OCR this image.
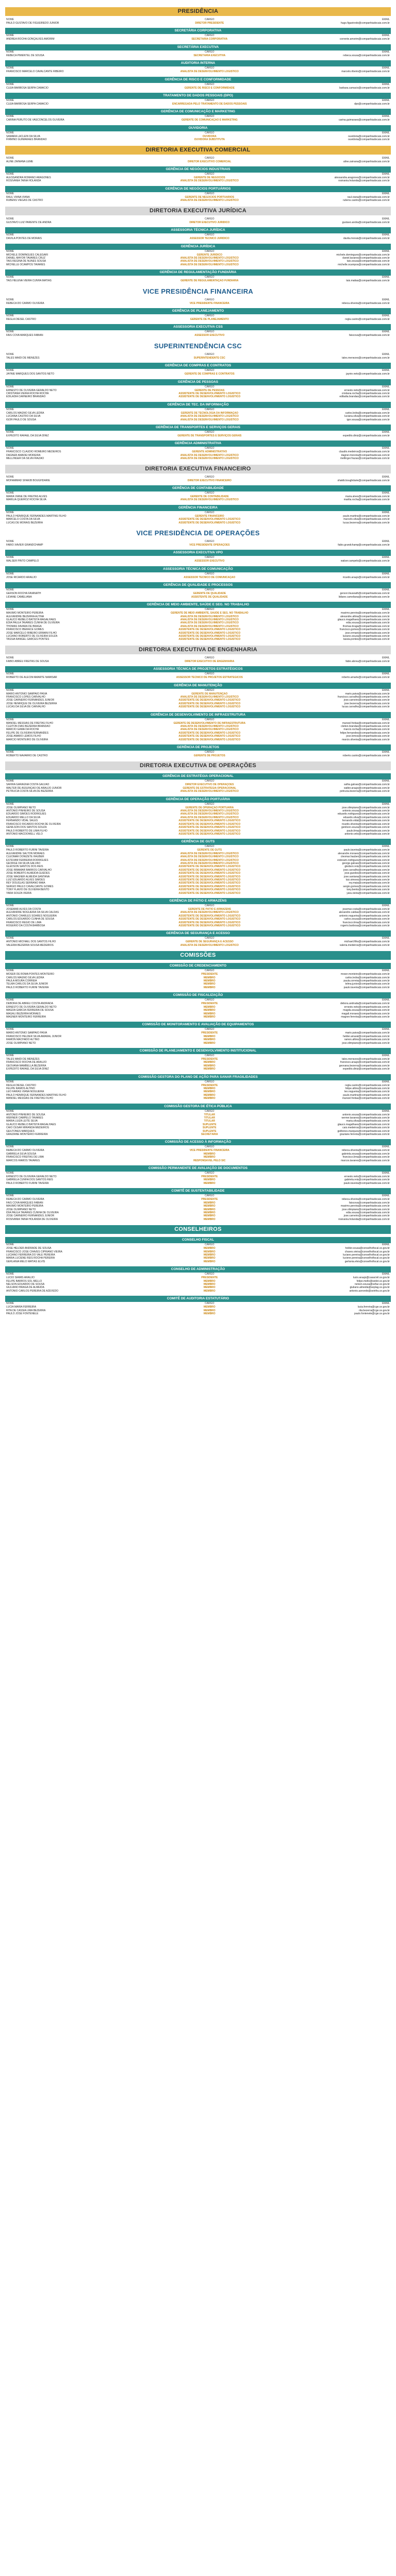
PRESIDÊNCIA
NOME	CARGO	EMAIL
PAULO GUSTAVO DE FIGUEIREDO JÚNIOR	DIRETOR PRESIDENTE	hugo.figueiredo@companhiadocais.com.br
SECRETÁRIA CORPORATIVA
NOME	CARGO	EMAIL
ANDRÉA ROCHA GONÇALVES AMORIM	SECRETÁRIA CORPORATIVA	corrente.amorim@companhiadocais.com.br
SECRETÁRIA EXECUTIVA
NOME	CARGO	EMAIL
REBECA PIMENTEL DE SOUSA	SECRETÁRIA EXECUTIVA	rebeca.sousa@companhiadocais.com.br
AUDITORIA INTERNA
NOME	CARGO	EMAIL
FRANCISCO MARCELO CAVALCANTE RIBEIRO	ANALISTA DE DESENVOLVIMENTO LOGÍSTICO	marcelo.ribeiro@companhiadocais.com.br
GERÊNCIA DE RISCO E CONFORMIDADE
NOME	CARGO	EMAIL
CLEIA BARBOSA SERPA CÂMACIO	GERENTE DE RISCO E CONFORMIDADE	barbara.camacio@companhiadocais.com.br
TRATAMENTO DE DADOS PESSOAIS (DPO)
NOME	CARGO	EMAIL
CLÉIA BARBOSA SERPA CÂMACIO	ENCARREGADA PELO TRATAMENTO DE DADOS PESSOAIS	dpo@companhiadocais.com.br
GERÊNCIA DE COMUNICAÇÃO E MARKETING
NOME	CARGO	EMAIL
CARINA PERUTO DE VASCONCELOS OLIVEIRA	GERENTE DE COMUNICAÇÃO E MARKETING	carina.guimaraes@companhiadocais.com.br
OUVIDORIA
NOME	CARGO	EMAIL
SAMARA LACLEIN DA SILVA	OUVIDORA	ouvidoria@companhiadocais.com.br
FIRMINO GUIMARÃES BRANDÃO	OUVIDORA SUBSTITUTA	ouvidoria@companhiadocais.com.br
DIRETORIA EXECUTIVA COMERCIAL
NOME	CARGO	EMAIL
ALINE ZAINANA LEME	DIRETOR EXECUTIVO COMERCIAL	aline.zainana@companhiadocais.com.br
GERÊNCIA DE NEGÓCIOS INDUSTRIAIS
NOME	CARGO	EMAIL
ALESSANDRA ROMANO ARAGONÊS	GERENTE DE NEGÓCIOS	alessandra.aragones@companhiadocais.com.br
ROSIVANIA TAINA HOLANDA	ANALISTA DE DESENVOLVIMENTO LOGÍSTICO	rosivania.holanda@companhiadocais.com.br
GERÊNCIA DE NEGÓCIOS PORTUÁRIOS
NOME	CARGO	EMAIL
RAUL VIANA VIANA	GERENTE DE NEGÓCIOS PORTUÁRIOS	raul.viana@companhiadocais.com.br
RUBENS VIEGAS DE CASTRO	ANALISTA DE DESENVOLVIMENTO LOGÍSTICO	rubens.castro@companhiadocais.com.br
DIRETORIA EXECUTIVA JURÍDICA
NOME	CARGO	EMAIL
GUSTAVO LUIZ PARENTE DE ANDRA	DIRETOR EXECUTIVO JURÍDICO	gustavo.andra@companhiadocais.com.br
ASSESSORIA TÉCNICA JURÍDICA
NOME	CARGO	EMAIL
DÁVILA PONTES DE MORAIS	ASSESSOR TÉCNICO JURÍDICO	davila.morais@companhiadocais.com.br
GERÊNCIA JURÍDICA
NOME	CARGO	EMAIL
MICHELE DOMINGUES CALEGARI	GERENTE JURÍDICO	michele.domingues@companhiadocais.com.br
DANIEL MAYOR TAVARES CRUZ	ANALISTA DE DESENVOLVIMENTO LOGÍSTICO	daniel.tavares@companhiadocais.com.br
TAÍS REGINA DE NUNES SOUSA	ANALISTA DE DESENVOLVIMENTO LOGÍSTICO	tais.sousa@companhiadocais.com.br
MICHELLE OCAMPOS TAVARES	ANALISTA DE DESENVOLVIMENTO LOGÍSTICO	michelle.ocampos@companhiadocais.com.br
GERÊNCIA DE REGULAMENTAÇÃO FUNDIÁRIA
NOME	CARGO	EMAIL
TAÍS HELENA VIEIRA CUNHA MATIAS	GERENTE DE REGULAMENTAÇÃO FUNDIÁRIA	tais.matias@companhiadocais.com.br
VICE PRESIDÊNCIA FINANCEIRA
NOME	CARGO	EMAIL
REBECA DO CARMO OLIVEIRA	VICE PRESIDENTE FINANCEIRA	rebeca.oliveira@companhiadocais.com.br
GERÊNCIA DE PLANEJAMENTO
NOME	CARGO	EMAIL
REGLA DIESEL CASTRO	GERENTE DE PLANEJAMENTO	regla.castro@companhiadocais.com.br
ASSESSORIA EXECUTIVA CSS
NOME	CARGO	EMAIL
FAIS COVA MARQUES FABIAN	ASSESSOR EXECUTIVO	faiscova@companhiadocais.com.br
SUPERINTENDÊNCIA CSC
NOME	CARGO	EMAIL
TALES MAIDI DE MENEZES	SUPERINTENDENTE CSC	tales.menezes@companhiadocais.com.br
GERÊNCIA DE COMPRAS E CONTRATOS
NOME	CARGO	EMAIL
JAYNIE MARQUES DOS SANTOS NETO	GERENTE DE COMPRAS E CONTRATOS	jaynie.neto@companhiadocais.com.br
GERÊNCIA DE PESSOAS
NOME	CARGO	EMAIL
ERNESTO DE OLIVEIRA GERALDO NETO	GERENTE DE PESSOAS	ernesto.neto@companhiadocais.com.br
CRISTIANA VIEIRA ROCHA ROCHA	ASSISTENTE DE DESENVOLVIMENTO LOGÍSTICO	cristiana.rocha@companhiadocais.com.br
EDILÁDIA CARNEIRO BRANDÃO	ASSISTENTE DE DESENVOLVIMENTO LOGÍSTICO	ediladia.brandao@companhiadocais.com.br
GERÊNCIA DE TEC. DA INFORMAÇÃO
NOME	CARGO	EMAIL
CARLOS MAGNO SILVA LEDRA	GERENTE DE TECNOLOGIA DA INFORMAÇÃO	carlos.ledra@companhiadocais.com.br
LUCIANA CASTRO DA SILVA	ANALISTA DE DESENVOLVIMENTO LOGÍSTICO	luciana.silva@companhiadocais.com.br
IGOR PAULO DE SOUSA	ANALISTA DE DESENVOLVIMENTO LOGÍSTICO	igor.sousa@companhiadocais.com.br
GERÊNCIA DE TRANSPORTES E SERVIÇOS GERAIS
NOME	CARGO	EMAIL
EXPEDITO RAFAEL DA SILVA DINIZ	GERENTE DE TRANSPORTES E SERVIÇOS GERAIS	expedito.diniz@companhiadocais.com.br
GERÊNCIA ADMINISTRATIVA
NOME	CARGO	EMAIL
FRANCISCO CLAUDIO ROMEIRO MEDEIROS	GERENTE ADMINISTRATIVO	claudio.medeiros@companhiadocais.com.br
DAGNER AMADEI MOREIRA	ANALISTA DE DESENVOLVIMENTO LOGÍSTICO	dagner.moreira@companhiadocais.com.br
MELLINGER DA SILVA FRAZÃO	ANALISTA DE DESENVOLVIMENTO LOGÍSTICO	mellinger.frazao@companhiadocais.com.br
DIRETORIA EXECUTIVA FINANCEIRO
NOME	CARGO	EMAIL
MOHAMMAD SHAKIB BOUGHDARIE	DIRETOR EXECUTIVO FINANCEIRO	shakib.boughdarie@companhiadocais.com.br
GERÊNCIA DE CONTABILIDADE
NOME	CARGO	EMAIL
MARIA VIANE DE FREITAS ALVES	GERENTE DE CONTABILIDADE	maria.alves@companhiadocais.com.br
MARÍLIA QUEIRÓZ ROCHA SILVA	ANALISTA DE DESENVOLVIMENTO LOGÍSTICO	marilia.rocha@companhiadocais.com.br
GERÊNCIA FINANCEIRA
NOME	CARGO	EMAIL
PAULO HENRIQUE FERNANDES MARTINS FILHO	GERENTE FINANCEIRO	paulo.martins@companhiadocais.com.br
MARCELO COSTA DA SILVA	ASSISTENTE DE DESENVOLVIMENTO LOGÍSTICO	marcelo.silva@companhiadocais.com.br
LUCAS DE MORAIS BEZERRA	ASSISTENTE DE DESENVOLVIMENTO LOGÍSTICO	lucas.bezerra@companhiadocais.com.br
VICE PRESIDÊNCIA DE OPERAÇÕES
NOME	CARGO	EMAIL
FABIO XAVIER GRANDCHAMP	VICE PRESIDENTE OPERAÇÕES	fabio.grandchamp@companhiadocais.com.br
ASSESSORIA EXECUTIVA VPO
NOME	CARGO	EMAIL
WALSER PINTO CAMPELO	ASSESSOR EXECUTIVO	walser.campelo@companhiadocais.com.br
ASSESSORIA TÉCNICA DE COMUNICAÇÃO
NOME	CARGO	EMAIL
JOSÉ RICARDO ARAÚJO	ASSESSOR TÉCNICO DE COMUNICAÇÃO	ricardo.araujo@companhiadocais.com.br
GERÊNCIA DE QUALIDADE E PROCESSOS
NOME	CARGO	EMAIL
GERSON ROCHA FAVANATH	GERENTE DE QUALIDADE	gerson.favanath@companhiadocais.com.br
LIDIANE CAMELIANA	ASSISTENTE DE QUALIDADE	lidiane.cameliana@companhiadocais.com.br
GERÊNCIA DE MEIO AMBIENTE, SAÚDE E SEG. NO TRABALHO
NOME	CARGO	EMAIL
MAXIMO MONTEIRO PEREIRA	GERENTE DE MEIO AMBIENTE, SAÚDE E SEG. NO TRABALHO	maximo.pereira@companhiadocais.com.br
ALEXANDRE BEZERRA ALTINA	ANALISTA DE DESENVOLVIMENTO LOGÍSTICO	alexandre.altina@companhiadocais.com.br
GLAUCO REBELO BATISTA MAGALHÃES	ANALISTA DE DESENVOLVIMENTO LOGÍSTICO	glauco.magalhaes@companhiadocais.com.br
EDIA PAULA TAVARES CUNHA DE OLIVEIRA	ANALISTA DE DESENVOLVIMENTO LOGÍSTICO	edia.sousa@companhiadocais.com.br
THOMAS FAVARA DE BRAGA	ANALISTA DE DESENVOLVIMENTO LOGÍSTICO	thomas.braga@companhiadocais.com.br
FRANCISCO IBERACE GOMES	ASSISTENTE DE DESENVOLVIMENTO LOGÍSTICO	francisco.gomes@companhiadocais.com.br
JOSE MARCELO RIBEIRO ERMANI FILHO	ASSISTENTE DE DESENVOLVIMENTO LOGÍSTICO	jose.ermani@companhiadocais.com.br
LUCIANO ROBERTO DE OLIVEIRA SOUZA	ASSISTENTE DE DESENVOLVIMENTO LOGÍSTICO	luciano.souza@companhiadocais.com.br
TASSIA RANGEL GARCES PONTES	ASSISTENTE DE DESENVOLVIMENTO LOGÍSTICO	tassia.pontes@companhiadocais.com.br
DIRETORIA EXECUTIVA DE ENGENHARIA
NOME	CARGO	EMAIL
FÁBIO ABREU FREITAS DE SOUSA	DIRETOR EXECUTIVO DE ENGENHARIA	fabio.abreu@companhiadocais.com.br
ASSESSORIA TÉCNICA DE PROJETOS ESTRATÉGICOS
NOME	CARGO	EMAIL
ROBERTO DE ALECIM AMARTE NAMISAR	ASSESSOR TÉCNICO DE PROJETOS ESTRATÉGICOS	roberto.amarte@companhiadocais.com.br
GERÊNCIA DE MANUTENÇÃO
NOME	CARGO	EMAIL
MARIO ANTONIO SAMPAIO PAIVA	GERENTE DE MANUTENÇÃO	mario.paiva@companhiadocais.com.br
FRANCISCO LOPES CARVALHO	ANALISTA DE DESENVOLVIMENTO LOGÍSTICO	francisco.carvalho@companhiadocais.com.br
JOSE CARNEIRO FERNANDES JÚNIOR	ASSISTENTE DE DESENVOLVIMENTO LOGÍSTICO	jose.carneiro@companhiadocais.com.br
JOSÉ HENRIQUE DE OLIVEIRA BEZERRA	ASSISTENTE DE DESENVOLVIMENTO LOGÍSTICO	jose.bezerra@companhiadocais.com.br
LUCAS DA SILVA DE CARVALHO	ASSISTENTE DE DESENVOLVIMENTO LOGÍSTICO	lucas.carvalho@companhiadocais.com.br
GERÊNCIA DE DESENVOLVIMENTO DE INFRAESTRUTURA
NOME	CARGO	EMAIL
MANOEL MESSIAS DE FREITAS FILHO	GERENTE DE DESENVOLVIMENTO DE INFRAESTRUTURA	manoel.freitas@companhiadocais.com.br
CLEITON DIAS BEZERRA BRANDÃO	ANALISTA DE DESENVOLVIMENTO LOGÍSTICO	cleiton.brandao@companhiadocais.com.br
MARCIO GAMA DA ROCHA	ANALISTA DE DESENVOLVIMENTO LOGÍSTICO	marcio.rocha@companhiadocais.com.br
FELIPE DE OLIVEIRA FERNANDES	ASSISTENTE DE DESENVOLVIMENTO LOGÍSTICO	felipe.fernandes@companhiadocais.com.br
JOSE AMARO LEMOS FILHO	ASSISTENTE DE DESENVOLVIMENTO LOGÍSTICO	jose.lemos@companhiadocais.com.br
MARCIO MONTEIRO DE OLIVEIRA	ASSISTENTE DE DESENVOLVIMENTO LOGÍSTICO	marcio.oliveira@companhiadocais.com.br
GERÊNCIA DE PROJETOS
NOME	CARGO	EMAIL
ROBERTO NAVARRO DE CASTRO	GERENTE DE PROJETOS	roberto.castro@companhiadocais.com.br
DIRETORIA EXECUTIVA DE OPERAÇÕES
GERÊNCIA DE ESTRATÉGIA OPERACIONAL
NOME	CARGO	EMAIL
SAFIRA GARAGNA COSTA GALVÃO	DIRETOR EXECUTIVO DE OPERAÇÕES	safira.galvao@companhiadocais.com.br
WALTER DE ASSUNÇÃO DE ARAÚJO JÚNIOR	GERENTE DE ESTRATÉGIA OPERACIONAL	walter.araujo@companhiadocais.com.br
PETRÚCIA COSTA SILVA DE BEZERRA	ANALISTA DE DESENVOLVIMENTO LOGÍSTICO	petrucia.bezerra@companhiadocais.com.br
GERÊNCIA DE OPERAÇÃO PORTUÁRIA
NOME	CARGO	EMAIL
JOSÉ OLIMPIANO NETO	GERENTE DE OPERAÇÃO PORTUÁRIA	jose.olimpiano@companhiadocais.com.br
ANTONIO PINHEIRO DE SOUSA	ANALISTA DE DESENVOLVIMENTO LOGÍSTICO	antonio.sousa@companhiadocais.com.br
EDUARDO SIMÕES RODRIGUES	ANALISTA DE DESENVOLVIMENTO LOGÍSTICO	eduardo.rodrigues@companhiadocais.com.br
EDUARDO MELLO DA SILVA	ANALISTA DE DESENVOLVIMENTO LOGÍSTICO	eduardo.silva@companhiadocais.com.br
FERNANDO VIDAL SALES	ASSISTENTE DE DESENVOLVIMENTO LOGÍSTICO	fernando.vidal@companhiadocais.com.br
FRANCISCO RICARDO ROCHA DE OLIVEIRA	ASSISTENTE DE DESENVOLVIMENTO LOGÍSTICO	ricardo.oliveira@companhiadocais.com.br
GENILSON DOS SANTOS SOUZA	ASSISTENTE DE DESENVOLVIMENTO LOGÍSTICO	genilson.souza@companhiadocais.com.br
PAULO ROBERTO DE LIMA FILHO	ASSISTENTE DE DESENVOLVIMENTO LOGÍSTICO	paulo.lima@companhiadocais.com.br
ANTONIO MACDOWELL VELO	ASSISTENTE DE DESENVOLVIMENTO LOGÍSTICO	antonio.velo@companhiadocais.com.br
GERÊNCIA DE GUTS
NOME	CARGO	EMAIL
PAULO ROBERTO FURINI TAVEIRA	GERENTE DE GUTS	paulo.taveira@companhiadocais.com.br
ALEXANDRE SALTON MORAES	ANALISTA DE DESENVOLVIMENTO LOGÍSTICO	alexandre.moraes@companhiadocais.com.br
CLEOMAR DONIZETE HAUBER	ANALISTA DE DESENVOLVIMENTO LOGÍSTICO	cleomar.hauber@companhiadocais.com.br
ESTEVAM FERREIRA RODRIGUES	ANALISTA DE DESENVOLVIMENTO LOGÍSTICO	estevam.rodrigues@companhiadocais.com.br
GEORGE DA SILVA GALVÃO	ANALISTA DE DESENVOLVIMENTO LOGÍSTICO	george.galvao@companhiadocais.com.br
GLEDSON SANTOS DOS REIS	ASSISTENTE DE DESENVOLVIMENTO LOGÍSTICO	gledson.reis@companhiadocais.com.br
JOSÉ RIBAMAR BARROS CARVALHO	ASSISTENTE DE DESENVOLVIMENTO LOGÍSTICO	jose.carvalho@companhiadocais.com.br
JOSÉ ROBERTO ALMEIDA GUEDES	ASSISTENTE DE DESENVOLVIMENTO LOGÍSTICO	jose.guedes@companhiadocais.com.br
JOSE WAGNER ALMEIDA SANTANA	ASSISTENTE DE DESENVOLVIMENTO LOGÍSTICO	jose.santana@companhiadocais.com.br
LUIZ EDUARDO ALVES SIMÕES	ASSISTENTE DE DESENVOLVIMENTO LOGÍSTICO	luiz.simoes@companhiadocais.com.br
REY DOUGLAS SERRANO MAIA	ASSISTENTE DE DESENVOLVIMENTO LOGÍSTICO	rey.maia@companhiadocais.com.br
SERGIO PAULO CAVALCANTE GOMES	ASSISTENTE DE DESENVOLVIMENTO LOGÍSTICO	sergio.gomes@companhiadocais.com.br
TONY FLAVIO DE OLIVEIRA BENTO	ASSISTENTE DE DESENVOLVIMENTO LOGÍSTICO	tony.bento@companhiadocais.com.br
YARA SOUZA VIEIRA	ASSISTENTE DE DESENVOLVIMENTO LOGÍSTICO	yara.vieira@companhiadocais.com.br
GERÊNCIA DE PÁTIO E ARMAZÉNS
NOME	CARGO	EMAIL
JOSEMAR ALVES DA COSTA	GERENTE DE PÁTIO E ARMAZÉNS	josemar.costa@companhiadocais.com.br
ALEXANDRE NOGUEIRA DA SILVA CALDAS	ANALISTA DE DESENVOLVIMENTO LOGÍSTICO	alexandre.caldas@companhiadocais.com.br
ANTONIO CHARLES SOARES NOGUEIRA	ASSISTENTE DE DESENVOLVIMENTO LOGÍSTICO	antonio.nogueira@companhiadocais.com.br
CARLOS EDUARDO CUNHA DE SOUSA	ASSISTENTE DE DESENVOLVIMENTO LOGÍSTICO	carlos.sousa@companhiadocais.com.br
FRANCISCO REGIO DE LIMA	ASSISTENTE DE DESENVOLVIMENTO LOGÍSTICO	francisco.lima@companhiadocais.com.br
ROGERIO DA COSTA BARBOSA	ASSISTENTE DE DESENVOLVIMENTO LOGÍSTICO	rogerio.barbosa@companhiadocais.com.br
GERÊNCIA DE SEGURANÇA E ACESSO
NOME	CARGO	EMAIL
ANTONIO MICHAEL DOS SANTOS FILHO	GERENTE DE SEGURANÇA E ACESSO	michael.filho@companhiadocais.com.br
VALÉRIA BEZERRA SOUSA MEDEIROS	ANALISTA DE DESENVOLVIMENTO LOGÍSTICO	valeria.medeiros@companhiadocais.com.br
COMISSÕES
COMISSÃO DE CREDENCIAMENTO
NOME	CARGO	EMAIL
MOSER DE ROMA PONTES MONTEIRO	PRESIDENTE	moser.monteiro@companhiadocais.com.br
CARLOS MAGNO SILVA LEDRA	MEMBRO	carlos.ledra@companhiadocais.com.br
PAULA MOURA CORREIA	MEMBRO	paula.correia@companhiadocais.com.br
TELMA CARLOS DA SILVA JÚNIOR	MEMBRO	telma.junior@companhiadocais.com.br
PAULO ROBERTO FURINI TAVEIRA	MEMBRO	paulo.taveira@companhiadocais.com.br
COMISSÃO DE FISCALIZAÇÃO
NOME	CARGO	EMAIL
DEBORA DE ABREU COSTA ANDRADA	PRESIDENTE	debora.andrada@companhiadocais.com.br
ERNESTO DE OLIVEIRA GERALDO NETO	MEMBRO	ernesto.neto@companhiadocais.com.br
MAGDA GARCIA FERREIRA DE SOUSA	MEMBRO	magda.sousa@companhiadocais.com.br
MAGALI BEZERRA MORAES	MEMBRO	magali.moraes@companhiadocais.com.br
MAGNER MONTEIRO FERREIRA	MEMBRO	magner.ferreira@companhiadocais.com.br
COMISSÃO DE MONITORAMENTO E AVALIAÇÃO DE EQUIPAMENTOS
NOME	CARGO	EMAIL
MARIO ANTONIO SAMPAIO PAIVA	PRESIDENTE	mario.paiva@companhiadocais.com.br
FRANCISCO HELDER SILVA AMARAL JÚNIOR	MEMBRO	helder.amaral@companhiadocais.com.br
RAMON MACHADO ALTINO	MEMBRO	ramon.altino@companhiadocais.com.br
JOSÉ OLIMPIANO NETO	MEMBRO	jose.olimpiano@companhiadocais.com.br
COMISSÃO DE PLANEJAMENTO E DESENVOLVIMENTO INSTITUCIONAL
NOME	CARGO	EMAIL
TALES MAIDI DE MENEZES	PRESIDENTE	tales.menezes@companhiadocais.com.br
FRANCISCO ROCHA DE ARAÚJO	MEMBRO	francisco.araujo@companhiadocais.com.br
GEOVANA MAMBELLA BEZERRA	MEMBRO	geovana.bezerra@companhiadocais.com.br
EXPEDITO RAFAEL DA SILVA DINIZ	MEMBRO	expedito.diniz@companhiadocais.com.br
COMISSÃO GESTORA DO PLANO DE AÇÃO PARA SANAR FRAGILIDADES
NOME	CARGO	EMAIL
REGLA DIESEL CASTRO	PRESIDENTE	regla.castro@companhiadocais.com.br
FELIPE RAMOS ALTINO	MEMBRO	felipe.altino@companhiadocais.com.br
LEO FARIAS VIANA NOGUEIRA	MEMBRO	leo.nogueira@companhiadocais.com.br
PAULO HENRIQUE FERNANDES MARTINS FILHO	MEMBRO	paulo.martins@companhiadocais.com.br
MANOEL MESSIAS DE FREITAS FILHO	MEMBRO	manoel.freitas@companhiadocais.com.br
COMISSÃO GESTORA DE ÉTICA PÚBLICA
NOME	CARGO	EMAIL
ANTONIO PINHEIRO DE SOUSA	TITULAR	antonio.sousa@companhiadocais.com.br
WERNER CAMPELO TAVARES	TITULAR	werner.tavares@companhiadocais.com.br
MARIA LUIZA LEITE SILVA	TITULAR	maria.silva@companhiadocais.com.br
GLAUCO REBELO BATISTA MAGALHÃES	SUPLENTE	glauco.magalhaes@companhiadocais.com.br
CAIO CÉSAR MIRANDA MEDEIROS	SUPLENTE	caio.medeiros@companhiadocais.com.br
GEILTONES MARQUES	SUPLENTE	geiltones.marques@companhiadocais.com.br
GRAZIANE MONTEIRO FERREIRA	SECRETÁRIA	graziane.ferreira@companhiadocais.com.br
COMISSÃO DE ACESSO À INFORMAÇÃO
NOME	CARGO	EMAIL
REBECA DO CARMO OLIVEIRA	VICE PRESIDENTE FINANCEIRA	rebeca.oliveira@companhiadocais.com.br
GABRIELA SILVA SOUSA	MEMBRO	gabriela.sousa@companhiadocais.com.br
FRANCISCO FREITAS DE LIMA	MEMBRO	francisco.lima@companhiadocais.com.br
MARCOS RAMOS TAVARES	RESPONSÁVEL PELO SIC	marcos.tavares@companhiadocais.com.br
COMISSÃO PERMANENTE DE AVALIAÇÃO DE DOCUMENTOS
NOME	CARGO	EMAIL
ERNESTO DE OLIVEIRA GERALDO NETO	PRESIDENTE	ernesto.neto@companhiadocais.com.br
GABRIELA CUNHA DOS SANTOS REIS	MEMBRO	gabriela.reis@companhiadocais.com.br
PAULO ROBERTO FURINI TAVEIRA	MEMBRO	paulo.taveira@companhiadocais.com.br
COMITÊ DE SUSTENTABILIDADE
NOME	CARGO	EMAIL
REBECA DO CARMO OLIVEIRA	PRESIDENTE	rebeca.oliveira@companhiadocais.com.br
FAIS COVA MARQUES FABIAN	MEMBRO	faiscova@companhiadocais.com.br
MAXIMO MONTEIRO PEREIRA	MEMBRO	maximo.pereira@companhiadocais.com.br
JOSE OLIMPIANO NETO	MEMBRO	jose.olimpiano@companhiadocais.com.br
IDIA PAULA TAVARES CUNHA DE OLIVEIRA	MEMBRO	edia.sousa@companhiadocais.com.br
JOSÉ CARNEIRO FERNANDES JÚNIOR	MEMBRO	jose.carneiro@companhiadocais.com.br
ROSIVANIA TAINA HOLANDA DE OLIVEIRA	MEMBRO	rosivania.holanda@companhiadocais.com.br
CONSELHEIROS
CONSELHO FISCAL
NOME	CARGO	EMAIL
JOSÉ HELDER ANDRADE DE SOUSA	MEMBRO	helder.sousa@conselhofiscal.ce.gov.br
FRANCISCO JOSÉ CHAVES CIPRIANO VIEIRA	MEMBRO	chaves.vieira@conselhofiscal.ce.gov.br
LUCIANO FERREIRA DO VALE PEREIRA	MEMBRO	luciano.pereira@conselhofiscal.ce.gov.br
MARIA LUCIENE REIS ROCHA PEREIRA	MEMBRO	luciene.pereira@conselhofiscal.ce.gov.br
GERLÂNIA MELO MATIAS ELVIS	MEMBRO	gerlania.elvis@conselhofiscal.ce.gov.br
CONSELHO DE ADMINISTRAÇÃO
NOME	CARGO	EMAIL
LUCIO SIAMIS ARAÚJO	PRESIDENTE	lucio.araujo@casacivil.ce.gov.br
FELIPE BARROS SOL MELLO	MEMBRO	felipe.mello@sedet.ce.gov.br
NELSON EDUARDO DE SOUSA	MEMBRO	nelson.sousa@sefaz.ce.gov.br
GIULIANO BRAGA DE ALMEIDA	MEMBRO	giuliano.almeida@seplag.ce.gov.br
ANTONIO CARLOS PEREIRA DE AZEVEDO	MEMBRO	antonio.azevedo@seinfra.ce.gov.br
COMITÊ DE AUDITORIA ESTATUTÁRIO
NOME	CARGO	EMAIL
LUCIA MARIA FERREIRA	MEMBRO	lucia.ferreira@cge.ce.gov.br
RITA DE CASSIA LIMA BEZERRA	MEMBRO	rita.bezerra@cge.ce.gov.br
PAULO JOSÉ FONTENELE	MEMBRO	paulo.fontenele@cge.ce.gov.br
